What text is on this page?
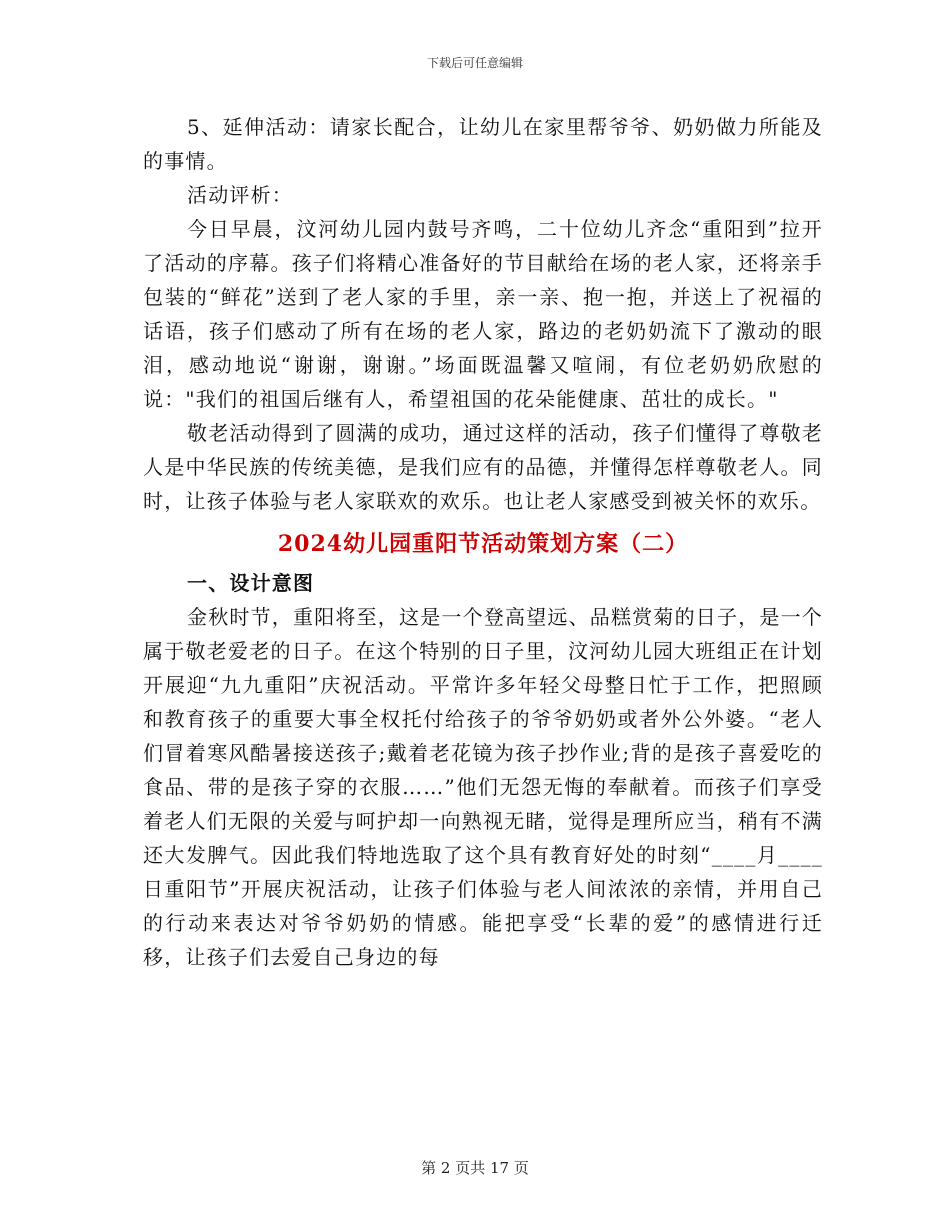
下载后可任意编辑

5、延伸活动：请家长配合，让幼儿在家里帮爷爷、奶奶做力所能及的事情。

活动评析：

今日早晨，汶河幼儿园内鼓号齐鸣，二十位幼儿齐念“重阳到”拉开了活动的序幕。孩子们将精心准备好的节目献给在场的老人家，还将亲手包装的“鲜花”送到了老人家的手里，亲一亲、抱一抱，并送上了祝福的话语，孩子们感动了所有在场的老人家，路边的老奶奶流下了激动的眼泪，感动地说“谢谢，谢谢。”场面既温馨又喧闹，有位老奶奶欣慰的说："我们的祖国后继有人，希望祖国的花朵能健康、茁壮的成长。"

敬老活动得到了圆满的成功，通过这样的活动，孩子们懂得了尊敬老人是中华民族的传统美德，是我们应有的品德，并懂得怎样尊敬老人。同时，让孩子体验与老人家联欢的欢乐。也让老人家感受到被关怀的欢乐。

2024幼儿园重阳节活动策划方案（二）

一、设计意图

金秋时节，重阳将至，这是一个登高望远、品糕赏菊的日子，是一个属于敬老爱老的日子。在这个特别的日子里，汶河幼儿园大班组正在计划开展迎“九九重阳”庆祝活动。平常许多年轻父母整日忙于工作，把照顾和教育孩子的重要大事全权托付给孩子的爷爷奶奶或者外公外婆。“老人们冒着寒风酷暑接送孩子;戴着老花镜为孩子抄作业;背的是孩子喜爱吃的食品、带的是孩子穿的衣服……”他们无怨无悔的奉献着。而孩子们享受着老人们无限的关爱与呵护却一向熟视无睹，觉得是理所应当，稍有不满还大发脾气。因此我们特地选取了这个具有教育好处的时刻“____月____日重阳节”开展庆祝活动，让孩子们体验与老人间浓浓的亲情，并用自己的行动来表达对爷爷奶奶的情感。能把享受“长辈的爱”的感情进行迁移，让孩子们去爱自己身边的每

第 2 页共 17 页
